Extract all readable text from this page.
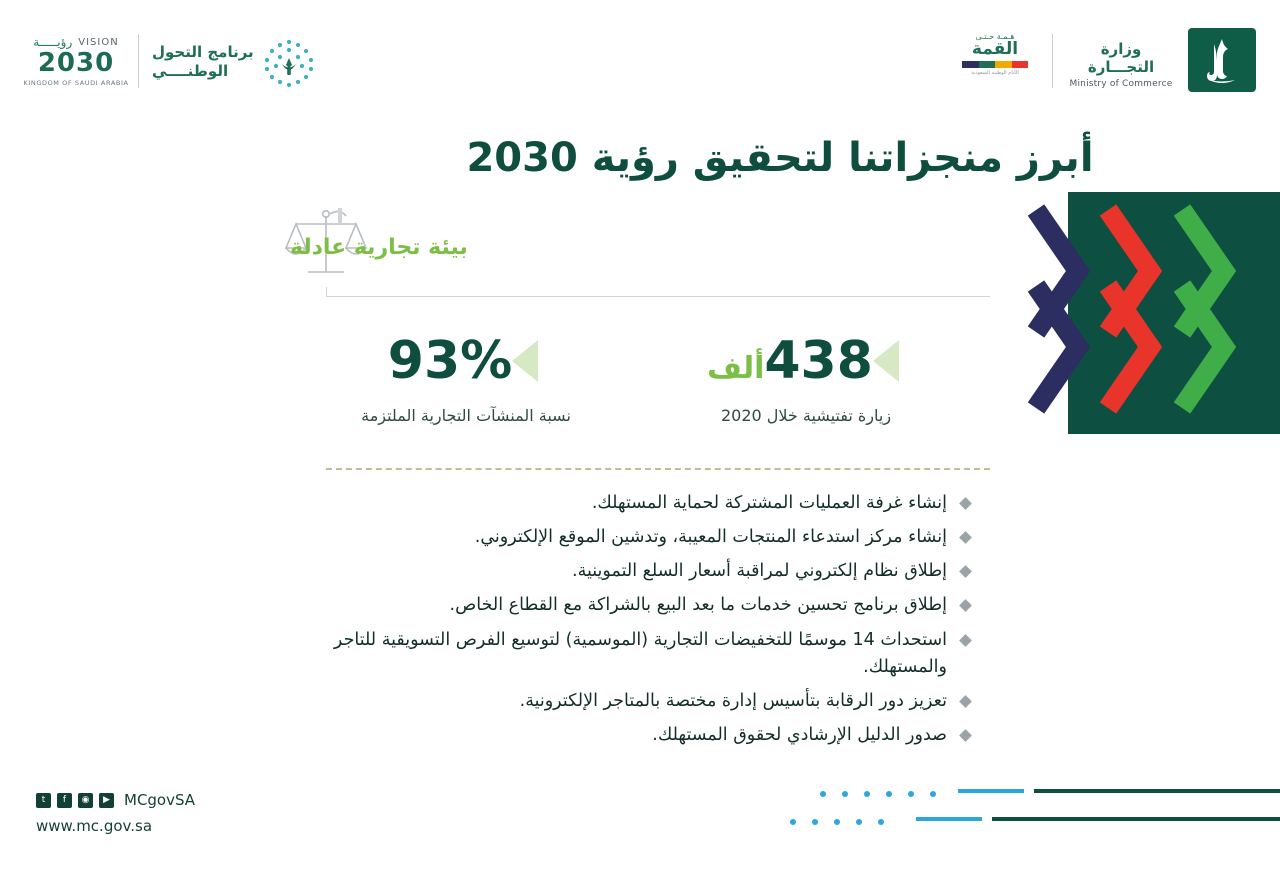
VISION
رؤيـــــة
2030
KINGDOM OF SAUDI ARABIA
برنامج التحول
الوطنــــي
هـمـة حـتـى
القمة
الأيام الوطنية السعودية
وزارة التجـــارة
Ministry of Commerce
أبرز منجزاتنا لتحقيق رؤية 2030
بيئة تجارية عادلة
438ألف
زيارة تفتيشية خلال 2020
93%
نسبة المنشآت التجارية الملتزمة
إنشاء غرفة العمليات المشتركة لحماية المستهلك.
إنشاء مركز استدعاء المنتجات المعيبة، وتدشين الموقع الإلكتروني.
إطلاق نظام إلكتروني لمراقبة أسعار السلع التموينية.
إطلاق برنامج تحسين خدمات ما بعد البيع بالشراكة مع القطاع الخاص.
استحداث 14 موسمًا للتخفيضات التجارية (الموسمية) لتوسيع الفرص التسويقية للتاجر والمستهلك.
تعزيز دور الرقابة بتأسيس إدارة مختصة بالمتاجر الإلكترونية.
صدور الدليل الإرشادي لحقوق المستهلك.
t	f	◉	▶ MCgovSA
www.mc.gov.sa
